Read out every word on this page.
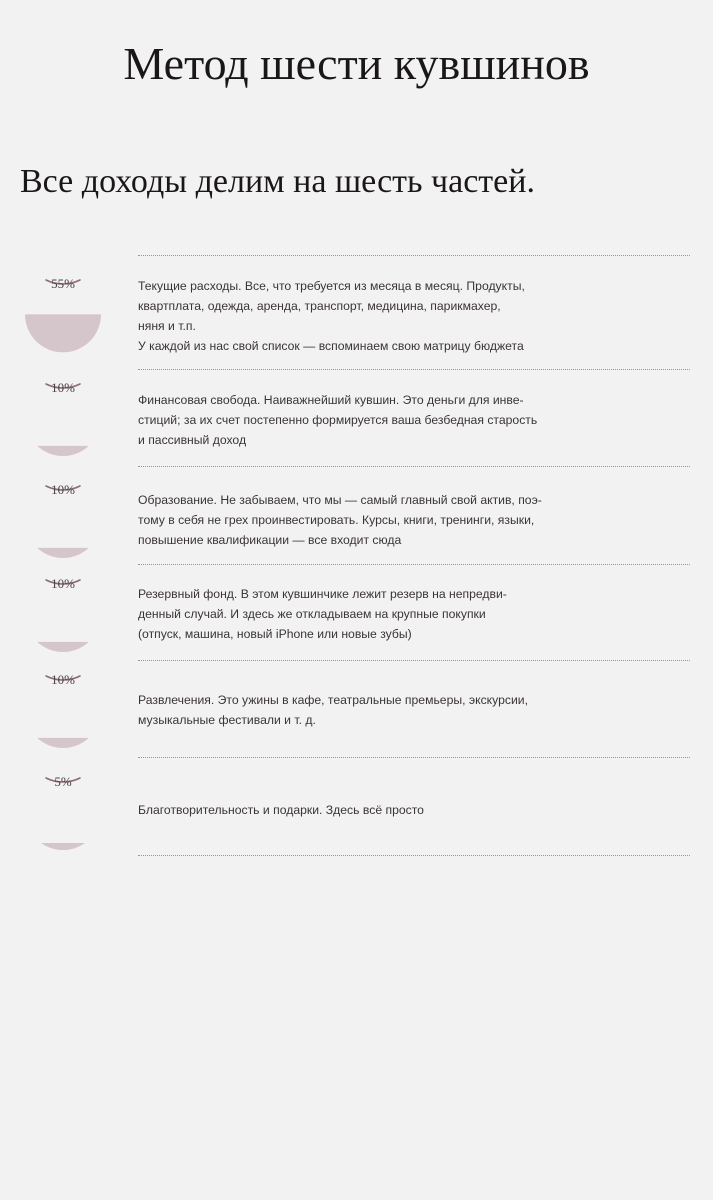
Метод шести кувшинов
Все доходы делим на шесть частей.
55%	Текущие расходы. Все, что требуется из месяца в месяц. Продукты,
квартплата, одежда, аренда, транспорт, медицина, парикмахер,
няня и т.п.
У каждой из нас свой список — вспоминаем свою матрицу бюджета

10%

Финансовая свобода. Наиважнейший кувшин. Это деньги для инве-
стиций; за их счет постепенно формируется ваша безбедная старость
и пассивный доход

10%

Образование. Не забываем, что мы — самый главный свой актив, поэ-
тому в себя не грех проинвестировать. Курсы, книги, тренинги, языки,
повышение квалификации — все входит сюда

10%

Резервный фонд. В этом кувшинчике лежит резерв на непредви-
денный случай. И здесь же откладываем на крупные покупки
(отпуск, машина, новый iPhone или новые зубы)

10%

Развлечения. Это ужины в кафе, театральные премьеры, экскурсии,
музыкальные фестивали и т. д.

5%

Благотворительность и подарки. Здесь всё просто
